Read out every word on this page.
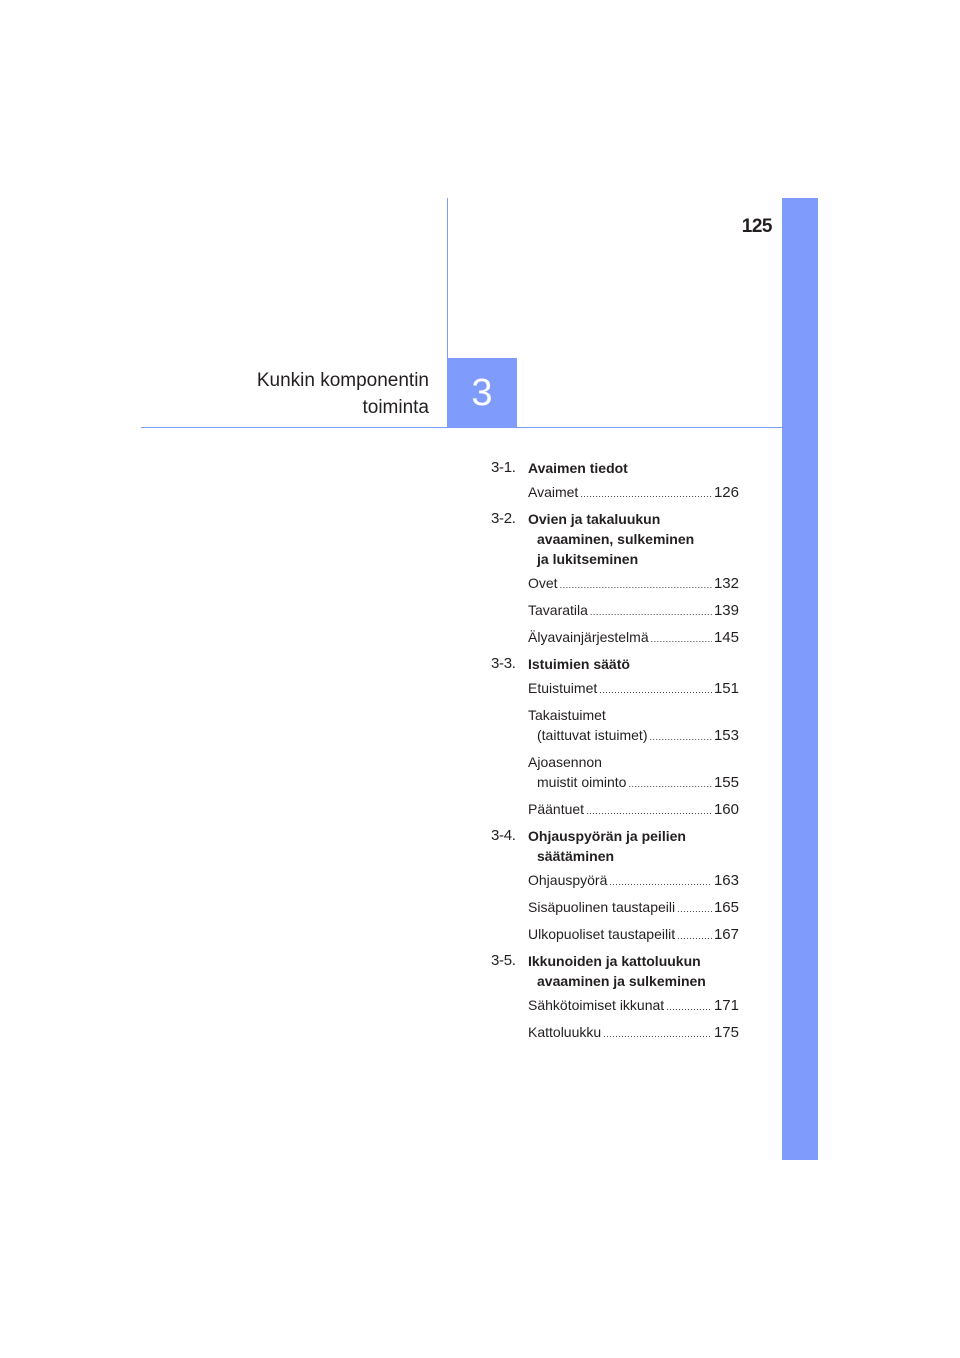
125
3
Kunkin komponentin
toiminta
3-1. Avaimen tiedot
Avaimet .....	126
3-2. Ovien ja takaluukun
avaaminen, sulkeminen
ja lukitseminen
Ovet .....	132
Tavaratila .....	139
Älyavainjärjestelmä .....	145
3-3. Istuimien säätö
Etuistuimet .....	151
Takaistuimet
(taittuvat istuimet) .....	153
Ajoasennon
muistit oiminto .....	155
Pääntuet .....	160
3-4. Ohjauspyörän ja peilien
säätäminen
Ohjauspyörä .....	163
Sisäpuolinen taustapeili .....	165
Ulkopuoliset taustapeilit .....	167
3-5. Ikkunoiden ja kattoluukun
avaaminen ja sulkeminen
Sähkötoimiset ikkunat .....	171
Kattoluukku .....	175
